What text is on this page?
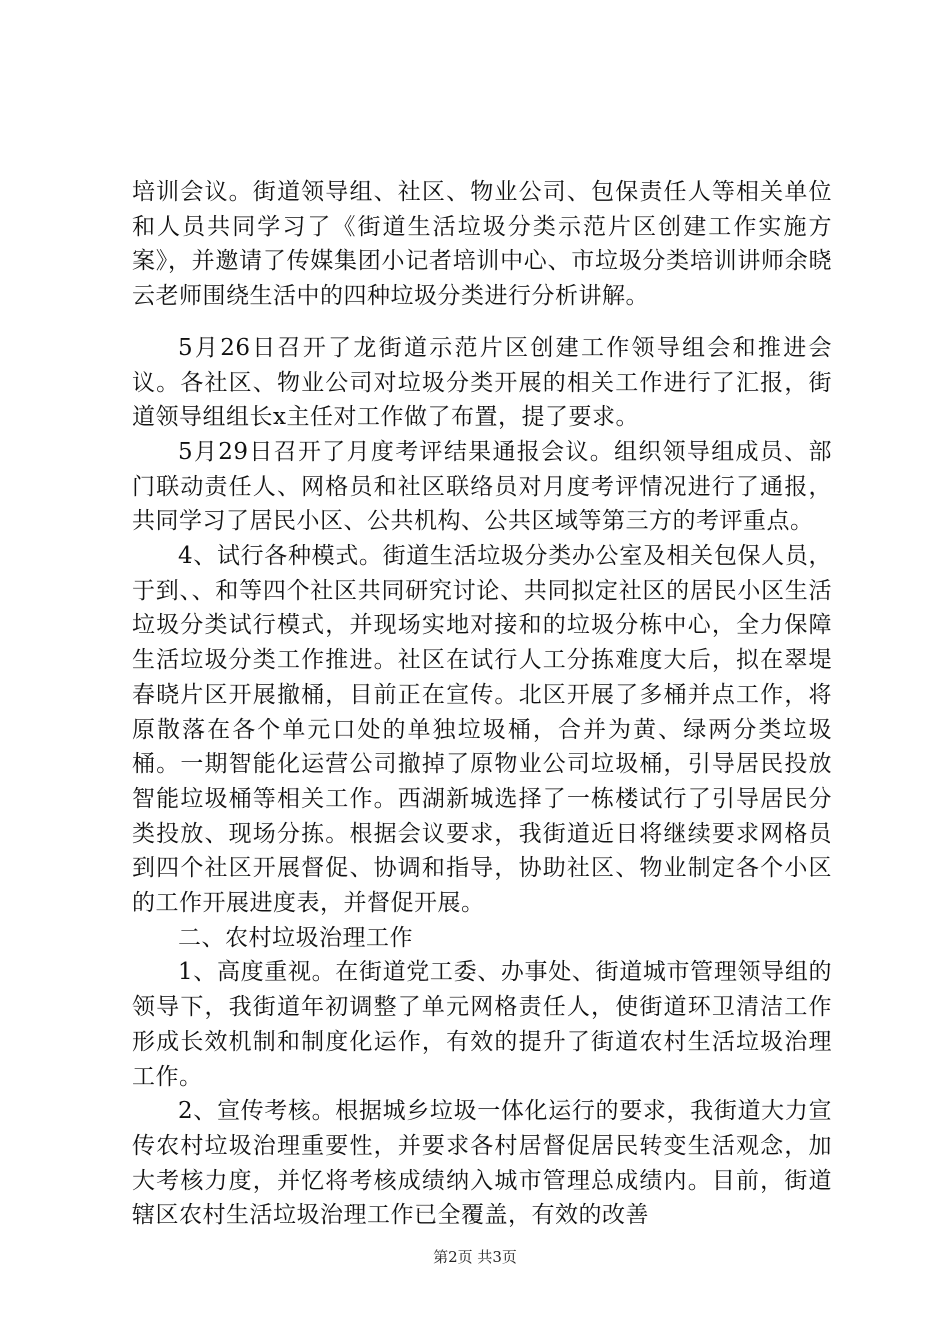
培训会议。街道领导组、社区、物业公司、包保责任人等相关单位和人员共同学习了《街道生活垃圾分类示范片区创建工作实施方案》，并邀请了传媒集团小记者培训中心、市垃圾分类培训讲师余晓云老师围绕生活中的四种垃圾分类进行分析讲解。

5月26日召开了龙街道示范片区创建工作领导组会和推进会议。各社区、物业公司对垃圾分类开展的相关工作进行了汇报，街道领导组组长x主任对工作做了布置，提了要求。

5月29日召开了月度考评结果通报会议。组织领导组成员、部门联动责任人、网格员和社区联络员对月度考评情况进行了通报，共同学习了居民小区、公共机构、公共区域等第三方的考评重点。

4、试行各种模式。街道生活垃圾分类办公室及相关包保人员，于到、、和等四个社区共同研究讨论、共同拟定社区的居民小区生活垃圾分类试行模式，并现场实地对接和的垃圾分栋中心，全力保障生活垃圾分类工作推进。社区在试行人工分拣难度大后，拟在翠堤春晓片区开展撤桶，目前正在宣传。北区开展了多桶并点工作，将原散落在各个单元口处的单独垃圾桶，合并为黄、绿两分类垃圾桶。一期智能化运营公司撤掉了原物业公司垃圾桶，引导居民投放智能垃圾桶等相关工作。西湖新城选择了一栋楼试行了引导居民分类投放、现场分拣。根据会议要求，我街道近日将继续要求网格员到四个社区开展督促、协调和指导，协助社区、物业制定各个小区的工作开展进度表，并督促开展。

二、农村垃圾治理工作

1、高度重视。在街道党工委、办事处、街道城市管理领导组的领导下，我街道年初调整了单元网格责任人，使街道环卫清洁工作形成长效机制和制度化运作，有效的提升了街道农村生活垃圾治理工作。

2、宣传考核。根据城乡垃圾一体化运行的要求，我街道大力宣传农村垃圾治理重要性，并要求各村居督促居民转变生活观念，加大考核力度，并忆将考核成绩纳入城市管理总成绩内。目前，街道辖区农村生活垃圾治理工作已全覆盖，有效的改善

第2页 共3页
